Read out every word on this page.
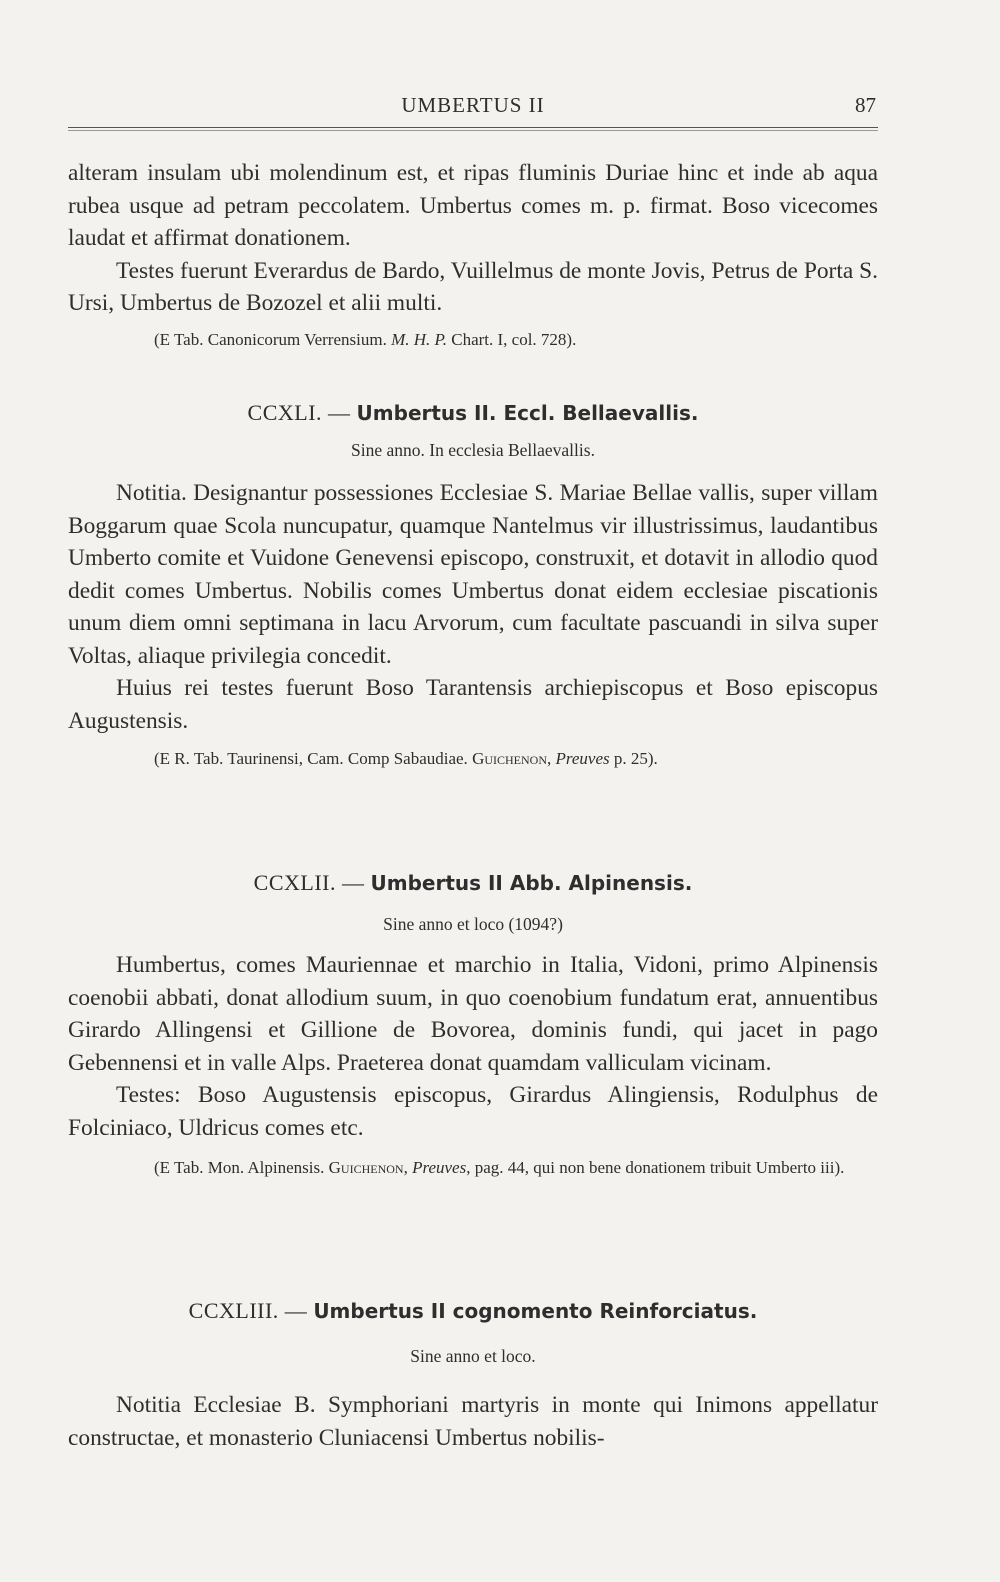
UMBERTUS II	87

alteram insulam ubi molendinum est, et ripas fluminis Duriae hinc et inde ab aqua rubea usque ad petram peccolatem. Umbertus comes m. p. firmat. Boso vicecomes laudat et affirmat donationem.

Testes fuerunt Everardus de Bardo, Vuillelmus de monte Jovis, Petrus de Porta S. Ursi, Umbertus de Bozozel et alii multi.

(E Tab. Canonicorum Verrensium. M. H. P. Chart. I, col. 728).

CCXLI. — Umbertus II. Eccl. Bellaevallis.

Sine anno. In ecclesia Bellaevallis.

Notitia. Designantur possessiones Ecclesiae S. Mariae Bellae vallis, super villam Boggarum quae Scola nuncupatur, quamque Nantelmus vir illustrissimus, laudantibus Umberto comite et Vuidone Genevensi episcopo, construxit, et dotavit in allodio quod dedit comes Umbertus. Nobilis comes Umbertus donat eidem ecclesiae piscationis unum diem omni septimana in lacu Arvorum, cum facultate pascuandi in silva super Voltas, aliaque privilegia concedit.

Huius rei testes fuerunt Boso Tarantensis archiepiscopus et Boso episcopus Augustensis.

(E R. Tab. Taurinensi, Cam. Comp Sabaudiae. Guichenon, Preuves p. 25).

CCXLII. — Umbertus II Abb. Alpinensis.

Sine anno et loco (1094?)

Humbertus, comes Mauriennae et marchio in Italia, Vidoni, primo Alpinensis coenobii abbati, donat allodium suum, in quo coenobium fundatum erat, annuentibus Girardo Allingensi et Gillione de Bovorea, dominis fundi, qui jacet in pago Gebennensi et in valle Alps. Praeterea donat quamdam valliculam vicinam.

Testes: Boso Augustensis episcopus, Girardus Alingiensis, Rodulphus de Folciniaco, Uldricus comes etc.

(E Tab. Mon. Alpinensis. Guichenon, Preuves, pag. 44, qui non bene donationem tribuit Umberto iii).

CCXLIII. — Umbertus II cognomento Reinforciatus.

Sine anno et loco.

Notitia Ecclesiae B. Symphoriani martyris in monte qui Inimons appellatur constructae, et monasterio Cluniacensi Umbertus nobilis-
